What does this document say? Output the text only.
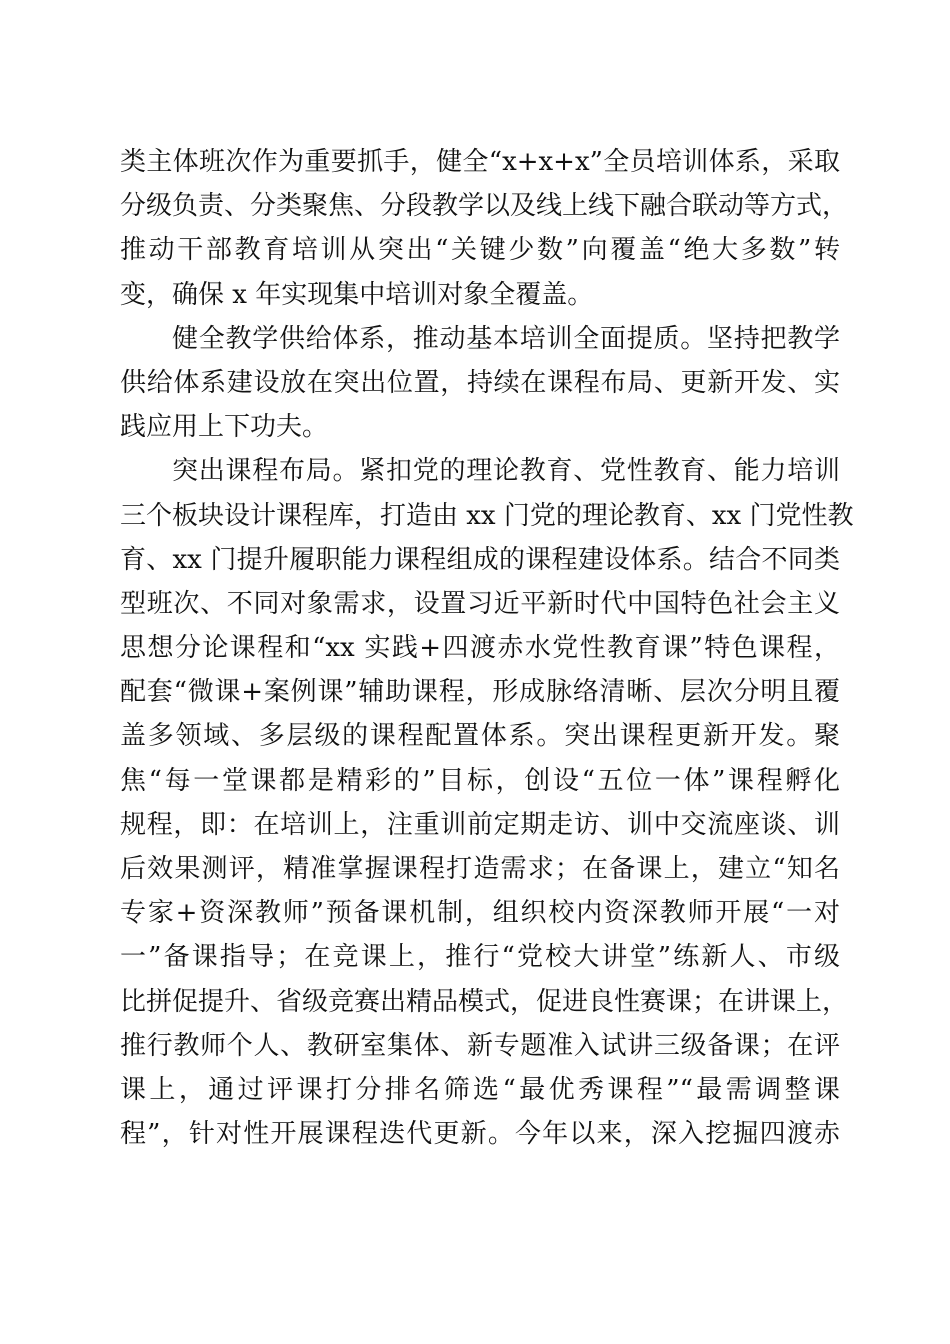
类主体班次作为重要抓手，健全“x+x+x”全员培训体系，采取
分级负责、分类聚焦、分段教学以及线上线下融合联动等方式，
推动干部教育培训从突出“关键少数”向覆盖“绝大多数”转
变，确保 x 年实现集中培训对象全覆盖。
健全教学供给体系，推动基本培训全面提质。坚持把教学
供给体系建设放在突出位置，持续在课程布局、更新开发、实
践应用上下功夫。
突出课程布局。紧扣党的理论教育、党性教育、能力培训
三个板块设计课程库，打造由 xx 门党的理论教育、xx 门党性教
育、xx 门提升履职能力课程组成的课程建设体系。结合不同类
型班次、不同对象需求，设置习近平新时代中国特色社会主义
思想分论课程和“xx 实践+四渡赤水党性教育课”特色课程，
配套“微课+案例课”辅助课程，形成脉络清晰、层次分明且覆
盖多领域、多层级的课程配置体系。突出课程更新开发。聚
焦“每一堂课都是精彩的”目标，创设“五位一体”课程孵化
规程，即：在培训上，注重训前定期走访、训中交流座谈、训
后效果测评，精准掌握课程打造需求；在备课上，建立“知名
专家+资深教师”预备课机制，组织校内资深教师开展“一对
一”备课指导；在竞课上，推行“党校大讲堂”练新人、市级
比拼促提升、省级竞赛出精品模式，促进良性赛课；在讲课上，
推行教师个人、教研室集体、新专题准入试讲三级备课；在评
课上，通过评课打分排名筛选“最优秀课程”“最需调整课
程”，针对性开展课程迭代更新。今年以来，深入挖掘四渡赤
